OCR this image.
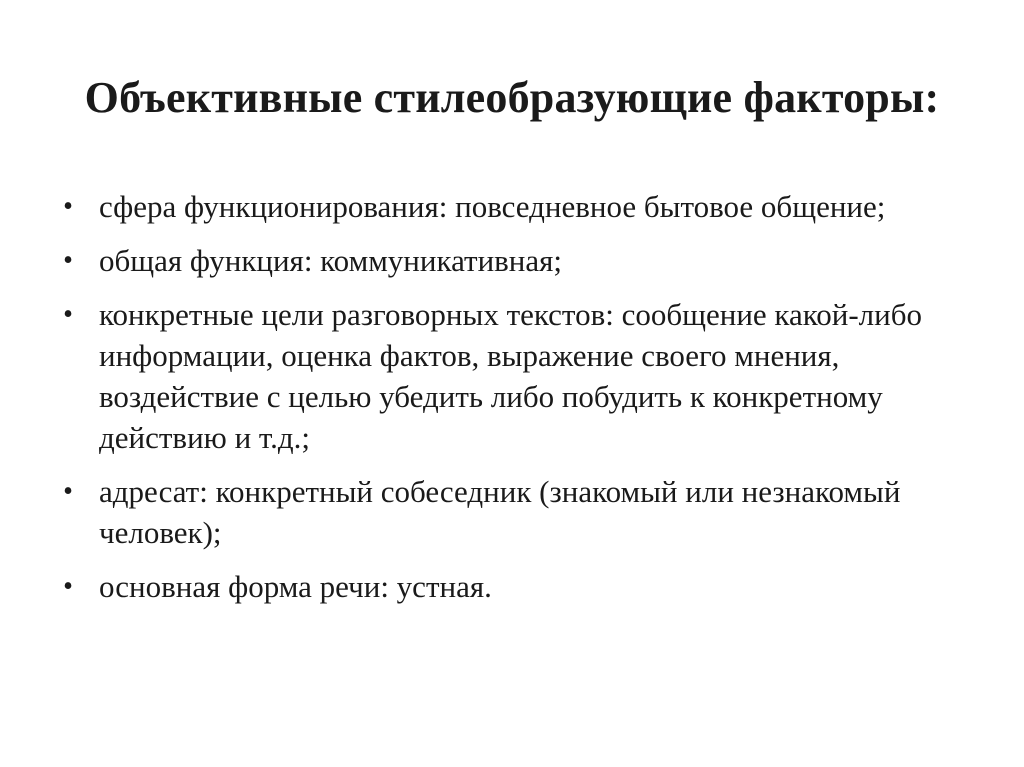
Объективные стилеобразующие факторы:
• сфера функционирования: повседневное бытовое общение;
• общая функция: коммуникативная;
• конкретные цели разговорных текстов: сообщение какой-либо информации, оценка фактов, выражение своего мнения, воздействие с целью убедить либо побудить к конкретному действию и т.д.;
• адресат: конкретный собеседник (знакомый или незнакомый человек);
• основная форма речи: устная.
